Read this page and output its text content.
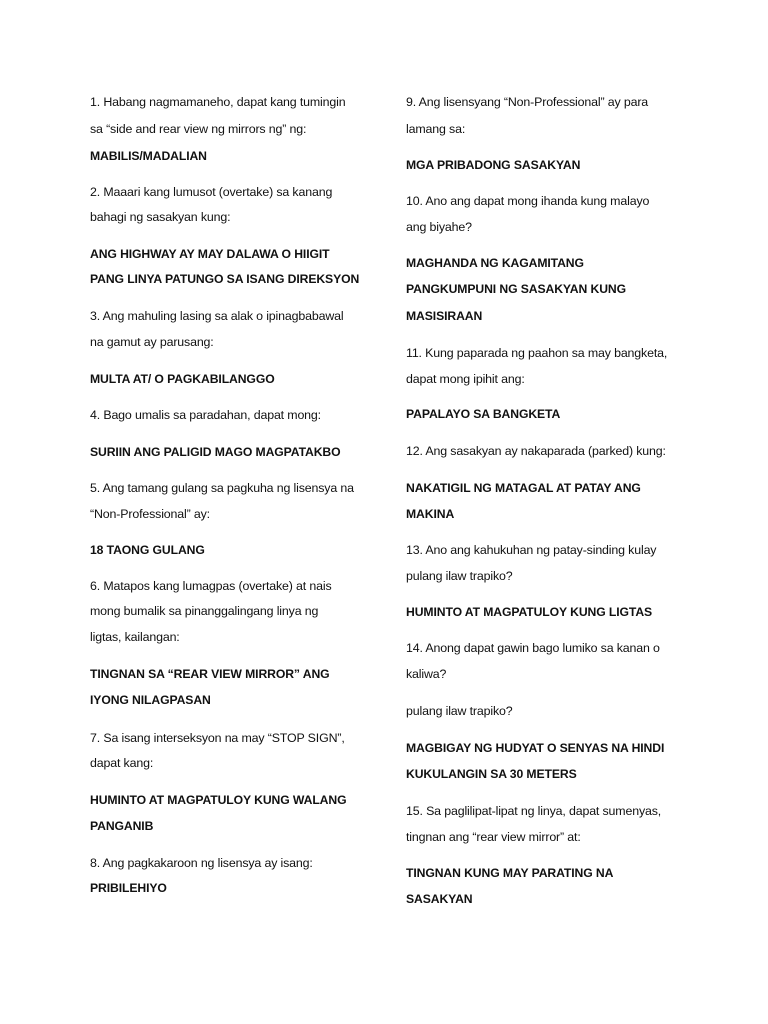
1. Habang nagmamaneho, dapat kang tumingin
sa “side and rear view ng mirrors ng” ng:
MABILIS/MADALIAN
2. Maaari kang lumusot (overtake) sa kanang
bahagi ng sasakyan kung:
ANG HIGHWAY AY MAY DALAWA O HIIGIT
PANG LINYA PATUNGO SA ISANG DIREKSYON
3. Ang mahuling lasing sa alak o ipinagbabawal
na gamut ay parusang:
MULTA AT/ O PAGKABILANGGO
4. Bago umalis sa paradahan, dapat mong:
SURIIN ANG PALIGID MAGO MAGPATAKBO
5. Ang tamang gulang sa pagkuha ng lisensya na
“Non-Professional” ay:
18 TAONG GULANG
6. Matapos kang lumagpas (overtake) at nais
mong bumalik sa pinanggalingang linya ng
ligtas, kailangan:
TINGNAN SA “REAR VIEW MIRROR” ANG
IYONG NILAGPASAN
7. Sa isang interseksyon na may “STOP SIGN”,
dapat kang:
HUMINTO AT MAGPATULOY KUNG WALANG
PANGANIB
8. Ang pagkakaroon ng lisensya ay isang:
PRIBILEHIYO
9. Ang lisensyang “Non-Professional” ay para
lamang sa:
MGA PRIBADONG SASAKYAN
10. Ano ang dapat mong ihanda kung malayo
ang biyahe?
MAGHANDA NG KAGAMITANG
PANGKUMPUNI NG SASAKYAN KUNG
MASISIRAAN
11. Kung paparada ng paahon sa may bangketa,
dapat mong ipihit ang:
PAPALAYO SA BANGKETA
12. Ang sasakyan ay nakaparada (parked) kung:
NAKATIGIL NG MATAGAL AT PATAY ANG
MAKINA
13. Ano ang kahukuhan ng patay-sinding kulay
pulang ilaw trapiko?
HUMINTO AT MAGPATULOY KUNG LIGTAS
14. Anong dapat gawin bago lumiko sa kanan o
kaliwa?
pulang ilaw trapiko?
MAGBIGAY NG HUDYAT O SENYAS NA HINDI
KUKULANGIN SA 30 METERS
15. Sa paglilipat-lipat ng linya, dapat sumenyas,
tingnan ang “rear view mirror” at:
TINGNAN KUNG MAY PARATING NA
SASAKYAN
